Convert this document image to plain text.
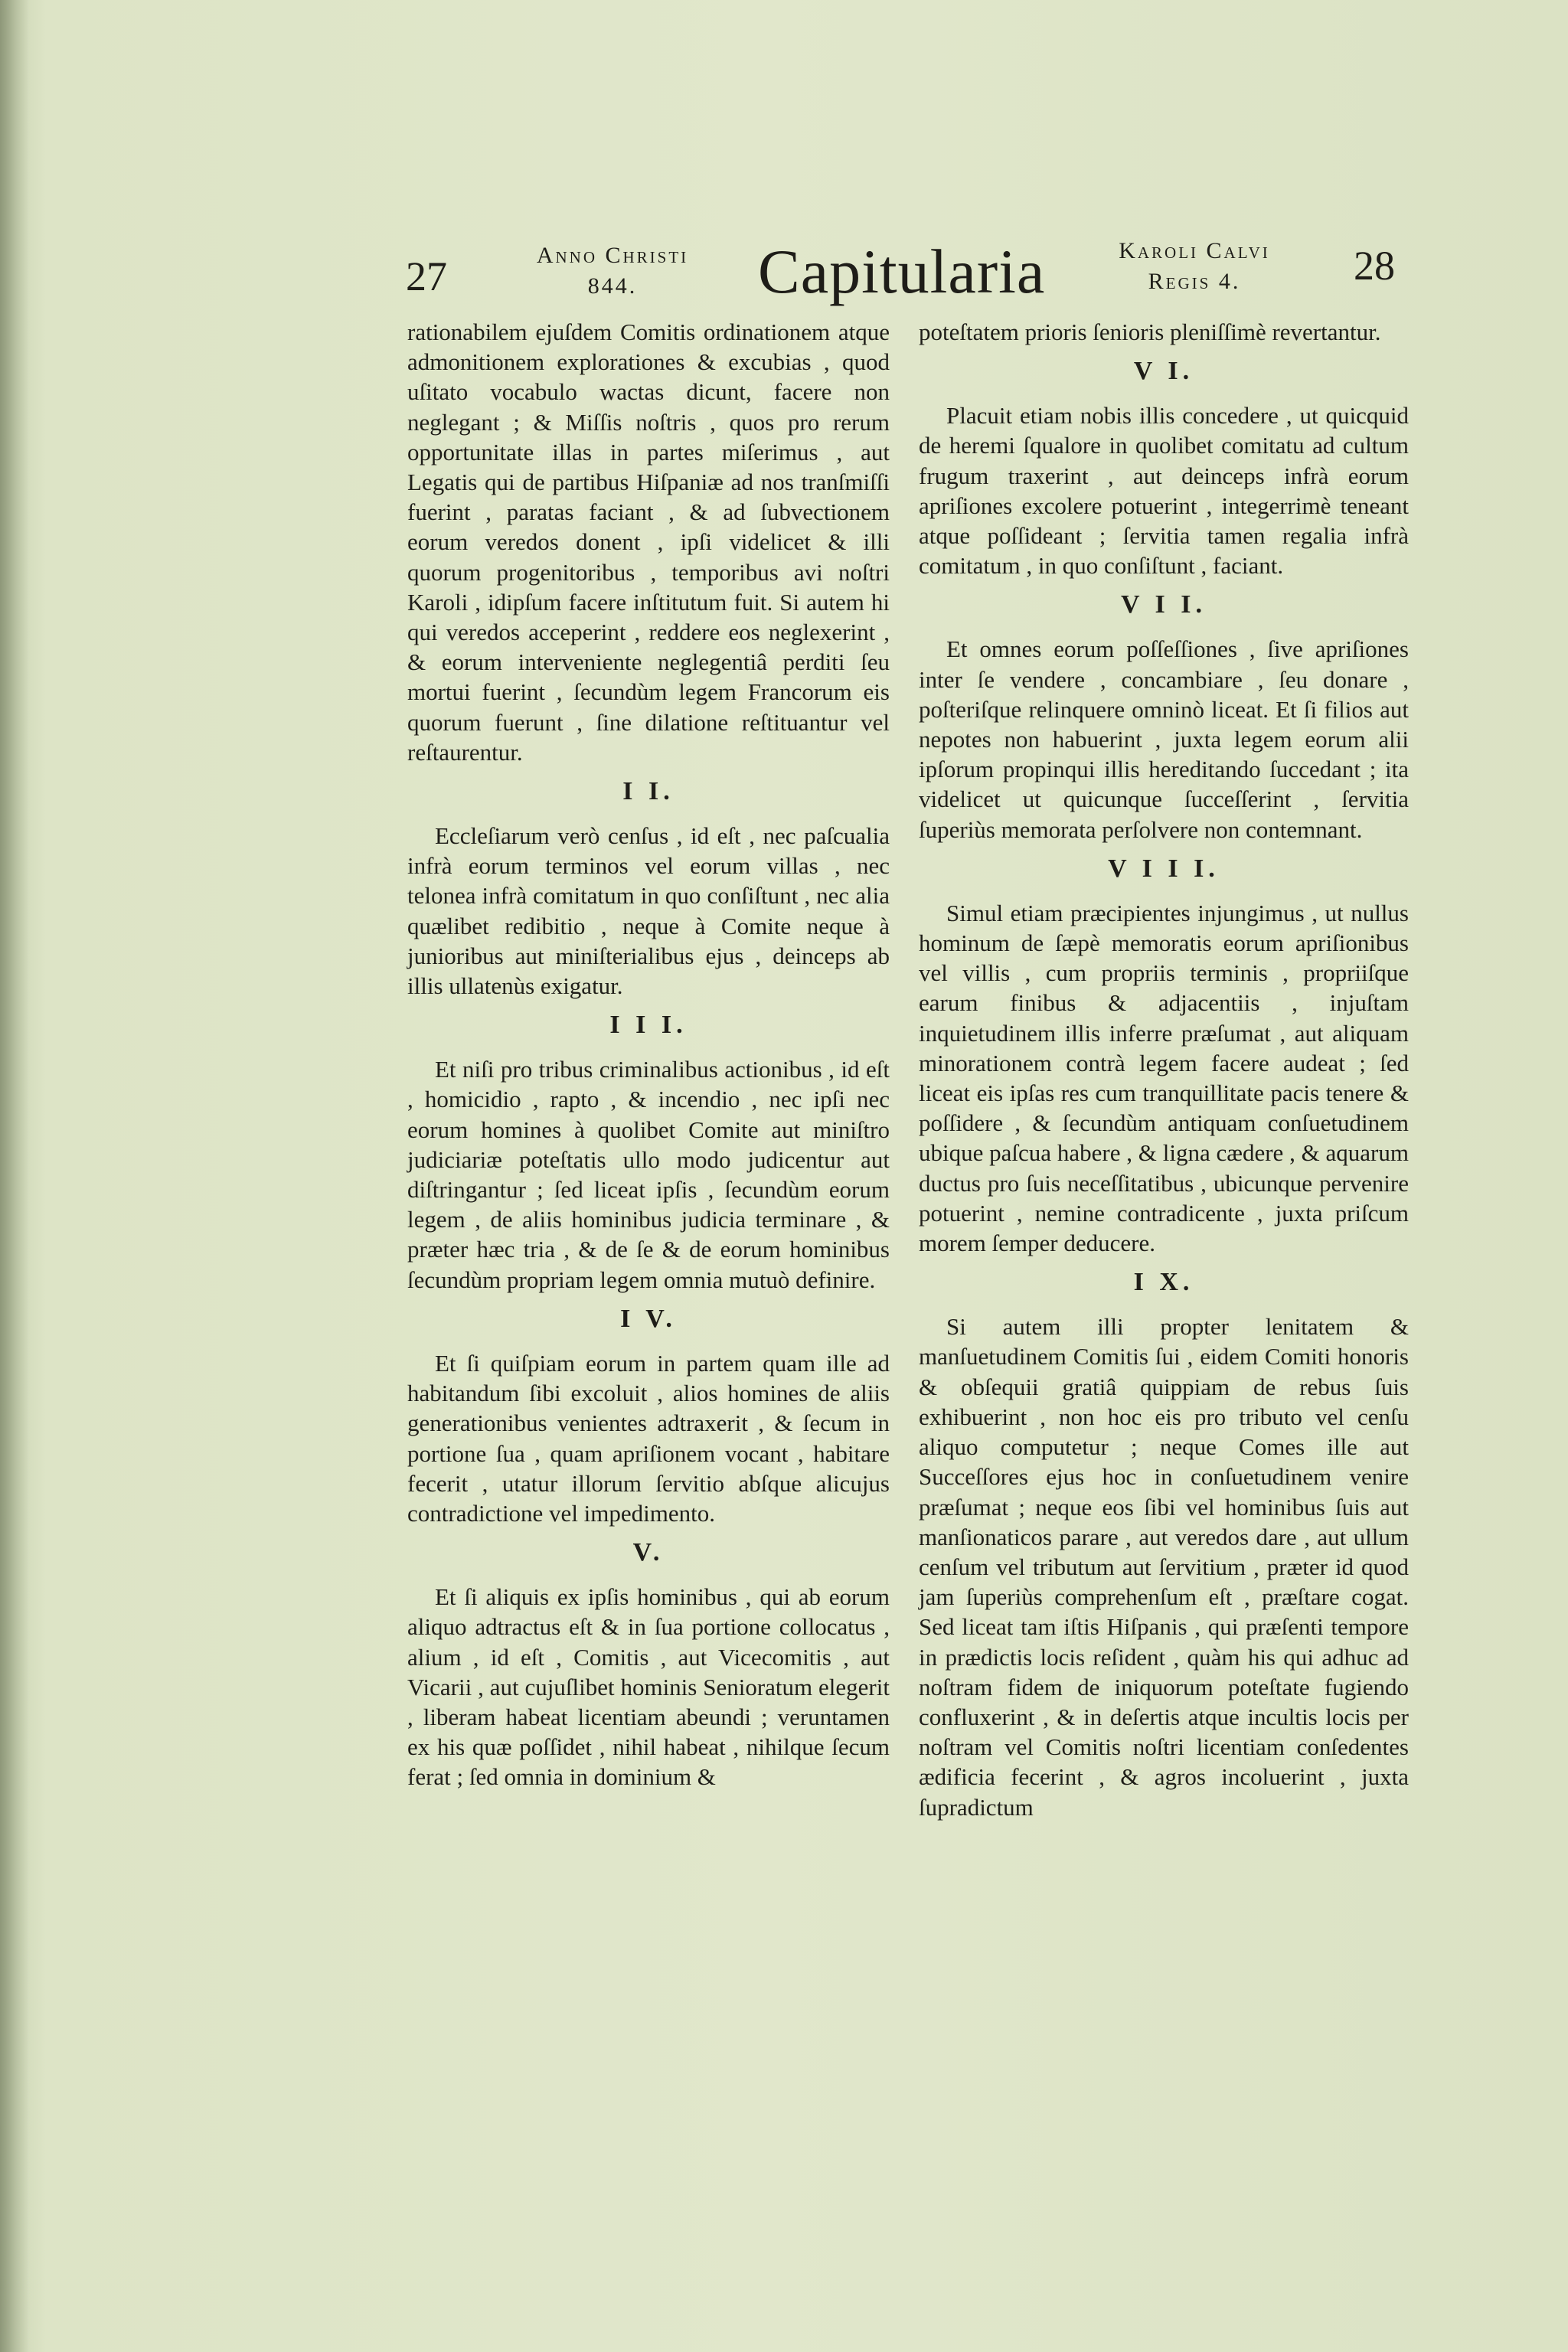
27	Anno Christi
844.	Capitularia	Karoli Calvi
Regis 4.	28

rationabilem ejuſdem Comitis ordinationem atque admonitionem explorationes & excubias , quod uſitato vocabulo wactas dicunt, facere non neglegant ; & Miſſis noſtris , quos pro rerum opportunitate illas in partes miſerimus , aut Legatis qui de partibus Hiſpaniæ ad nos tranſmiſſi fuerint , paratas faciant , & ad ſubvectionem eorum veredos donent , ipſi videlicet & illi quorum progenitoribus , temporibus avi noſtri Karoli , idipſum facere inſtitutum fuit. Si autem hi qui veredos acceperint , reddere eos neglexerint , & eorum interveniente neglegentiâ perditi ſeu mortui fuerint , ſecundùm legem Francorum eis quorum fuerunt , ſine dilatione reſtituantur vel reſtaurentur.

I I.

Eccleſiarum verò cenſus , id eſt , nec paſcualia infrà eorum terminos vel eorum villas , nec telonea infrà comitatum in quo conſiſtunt , nec alia quælibet redibitio , neque à Comite neque à junioribus aut miniſterialibus ejus , deinceps ab illis ullatenùs exigatur.

I I I.

Et niſi pro tribus criminalibus actionibus , id eſt , homicidio , rapto , & incendio , nec ipſi nec eorum homines à quolibet Comite aut miniſtro judiciariæ poteſtatis ullo modo judicentur aut diſtringantur ; ſed liceat ipſis , ſecundùm eorum legem , de aliis hominibus judicia terminare , & præter hæc tria , & de ſe & de eorum hominibus ſecundùm propriam legem omnia mutuò definire.

I V.

Et ſi quiſpiam eorum in partem quam ille ad habitandum ſibi excoluit , alios homines de aliis generationibus venientes adtraxerit , & ſecum in portione ſua , quam apriſionem vocant , habitare fecerit , utatur illorum ſervitio abſque alicujus contradictione vel impedimento.

V.

Et ſi aliquis ex ipſis hominibus , qui ab eorum aliquo adtractus eſt & in ſua portione collocatus , alium , id eſt , Comitis , aut Vicecomitis , aut Vicarii , aut cujuſlibet hominis Senioratum elegerit , liberam habeat licentiam abeundi ; veruntamen ex his quæ poſſidet , nihil habeat , nihilque ſecum ferat ; ſed omnia in dominium &

poteſtatem prioris ſenioris pleniſſimè revertantur.

V I.

Placuit etiam nobis illis concedere , ut quicquid de heremi ſqualore in quolibet comitatu ad cultum frugum traxerint , aut deinceps infrà eorum apriſiones excolere potuerint , integerrimè teneant atque poſſideant ; ſervitia tamen regalia infrà comitatum , in quo conſiſtunt , faciant.

V I I.

Et omnes eorum poſſeſſiones , ſive apriſiones inter ſe vendere , concambiare , ſeu donare , poſteriſque relinquere omninò liceat. Et ſi filios aut nepotes non habuerint , juxta legem eorum alii ipſorum propinqui illis hereditando ſuccedant ; ita videlicet ut quicunque ſucceſſerint , ſervitia ſuperiùs memorata perſolvere non contemnant.

V I I I.

Simul etiam præcipientes injungimus , ut nullus hominum de ſæpè memoratis eorum apriſionibus vel villis , cum propriis terminis , propriiſque earum finibus & adjacentiis , injuſtam inquietudinem illis inferre præſumat , aut aliquam minorationem contrà legem facere audeat ; ſed liceat eis ipſas res cum tranquillitate pacis tenere & poſſidere , & ſecundùm antiquam conſuetudinem ubique paſcua habere , & ligna cædere , & aquarum ductus pro ſuis neceſſitatibus , ubicunque pervenire potuerint , nemine contradicente , juxta priſcum morem ſemper deducere.

I X.

Si autem illi propter lenitatem & manſuetudinem Comitis ſui , eidem Comiti honoris & obſequii gratiâ quippiam de rebus ſuis exhibuerint , non hoc eis pro tributo vel cenſu aliquo computetur ; neque Comes ille aut Succeſſores ejus hoc in conſuetudinem venire præſumat ; neque eos ſibi vel hominibus ſuis aut manſionaticos parare , aut veredos dare , aut ullum cenſum vel tributum aut ſervitium , præter id quod jam ſuperiùs comprehenſum eſt , præſtare cogat. Sed liceat tam iſtis Hiſpanis , qui præſenti tempore in prædictis locis reſident , quàm his qui adhuc ad noſtram fidem de iniquorum poteſtate fugiendo confluxerint , & in deſertis atque incultis locis per noſtram vel Comitis noſtri licentiam conſedentes ædificia fecerint , & agros incoluerint , juxta ſupradictum
